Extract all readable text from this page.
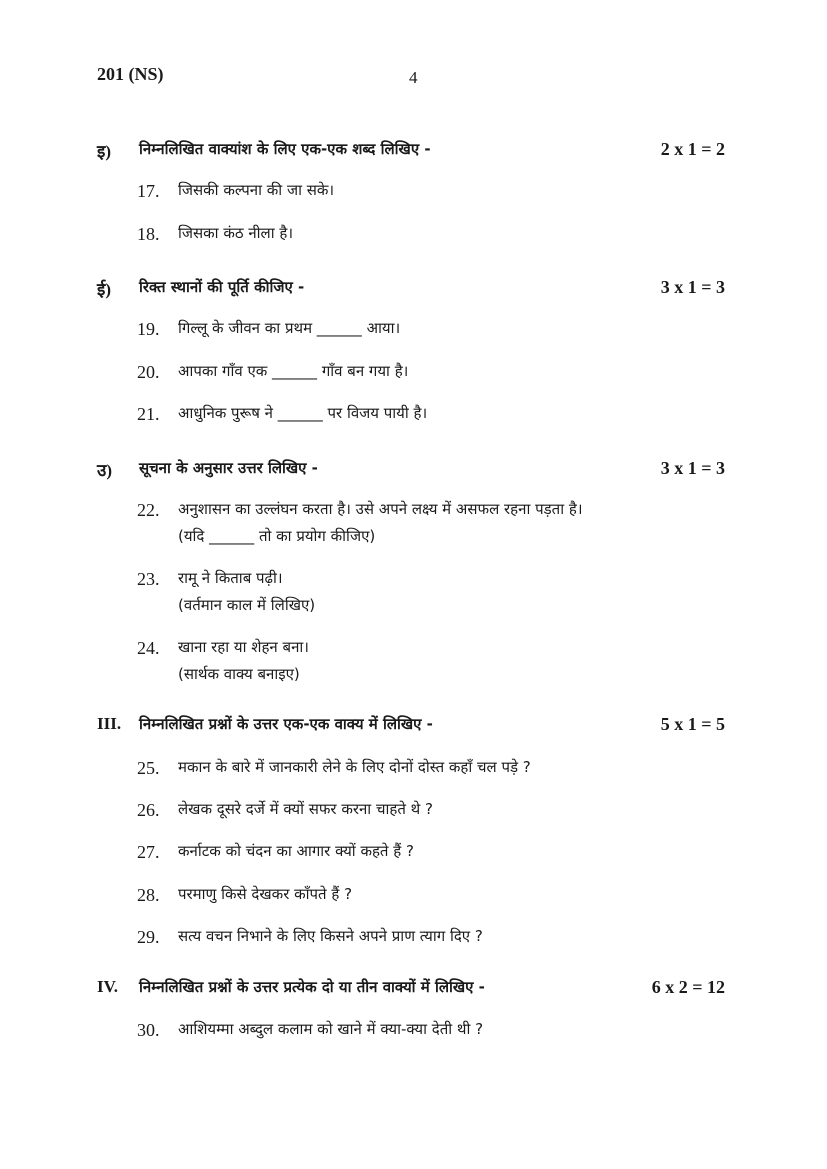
201 (NS)	4
इ) निम्नलिखित वाक्यांश के लिए एक-एक शब्द लिखिए -	2 x 1 = 2
17. जिसकी कल्पना की जा सके।
18. जिसका कंठ नीला है।
ई) रिक्त स्थानों की पूर्ति कीजिए -	3 x 1 = 3
19. गिल्लू के जीवन का प्रथम ______ आया।
20. आपका गाँव एक ______ गाँव बन गया है।
21. आधुनिक पुरूष ने ______ पर विजय पायी है।
उ) सूचना के अनुसार उत्तर लिखिए -	3 x 1 = 3
22. अनुशासन का उल्लंघन करता है। उसे अपने लक्ष्य में असफल रहना पड़ता है।
(यदि ______ तो का प्रयोग कीजिए)
23. रामू ने किताब पढ़ी।
(वर्तमान काल में लिखिए)
24. खाना रहा या शेहन बना।
(सार्थक वाक्य बनाइए)
III. निम्नलिखित प्रश्नों के उत्तर एक-एक वाक्य में लिखिए -	5 x 1 = 5
25. मकान के बारे में जानकारी लेने के लिए दोनों दोस्त कहाँ चल पड़े ?
26. लेखक दूसरे दर्जे में क्यों सफर करना चाहते थे ?
27. कर्नाटक को चंदन का आगार क्यों कहते हैं ?
28. परमाणु किसे देखकर काँपते हैं ?
29. सत्य वचन निभाने के लिए किसने अपने प्राण त्याग दिए ?
IV. निम्नलिखित प्रश्नों के उत्तर प्रत्येक दो या तीन वाक्यों में लिखिए -	6 x 2 = 12
30. आशियम्मा अब्दुल कलाम को खाने में क्या-क्या देती थी ?
